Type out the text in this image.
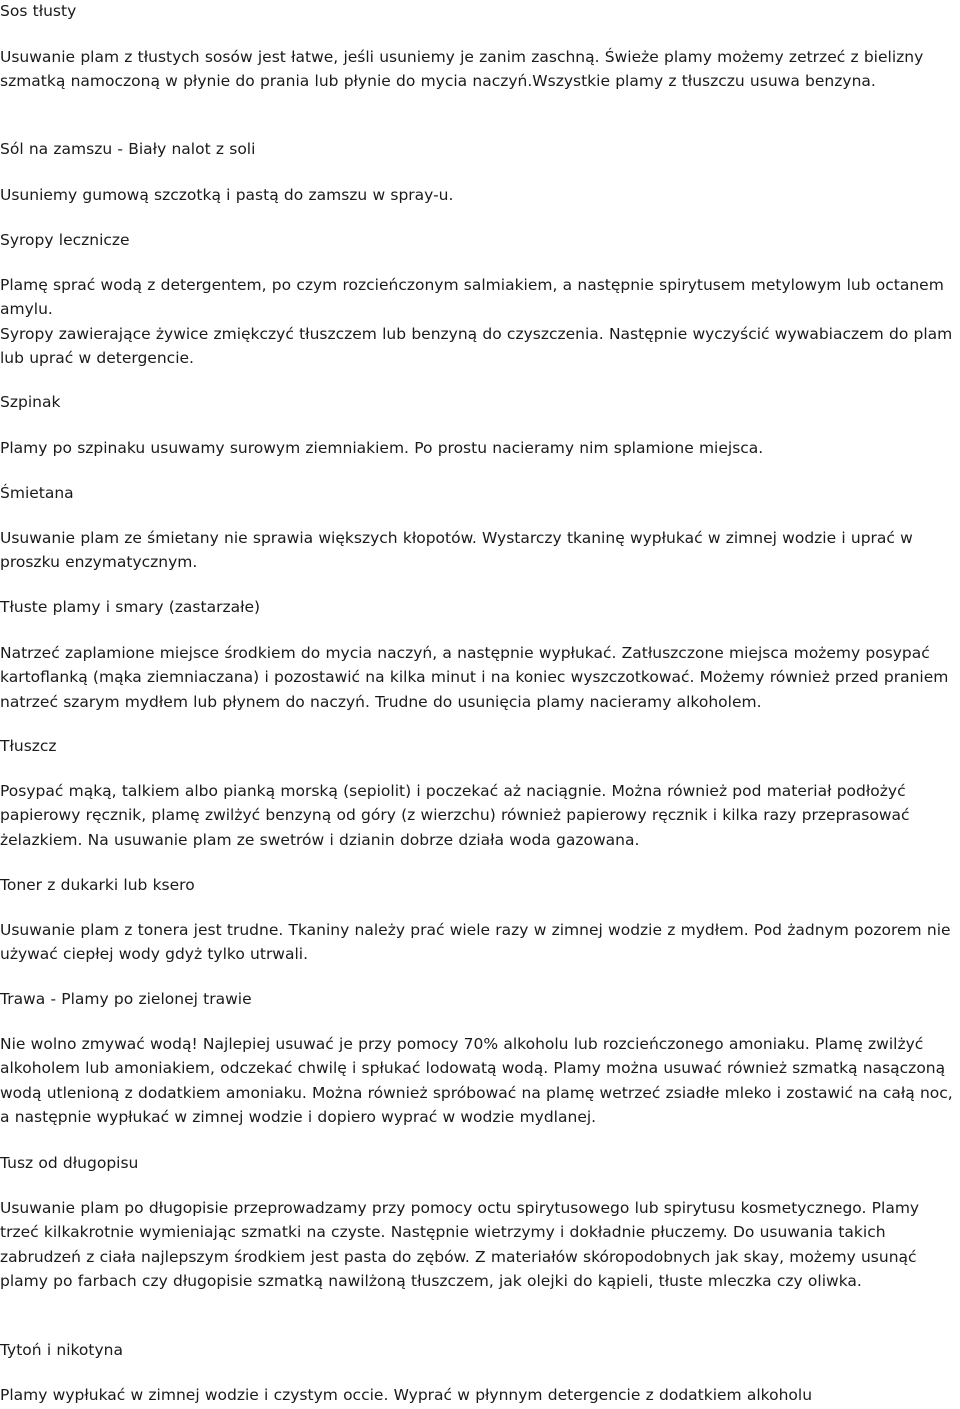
Sos tłusty

Usuwanie plam z tłustych sosów jest łatwe, jeśli usuniemy je zanim zaschną. Świeże plamy możemy zetrzeć z bielizny szmatką namoczoną w płynie do prania lub płynie do mycia naczyń.Wszystkie plamy z tłuszczu usuwa benzyna.

Sól na zamszu - Biały nalot z soli

Usuniemy gumową szczotką i pastą do zamszu w spray-u.

Syropy lecznicze

Plamę sprać wodą z detergentem, po czym rozcieńczonym salmiakiem, a następnie spirytusem metylowym lub octanem amylu.

Syropy zawierające żywice zmiękczyć tłuszczem lub benzyną do czyszczenia. Następnie wyczyścić wywabiaczem do plam lub uprać w detergencie.

Szpinak

Plamy po szpinaku usuwamy surowym ziemniakiem. Po prostu nacieramy nim splamione miejsca.

Śmietana

Usuwanie plam ze śmietany nie sprawia większych kłopotów. Wystarczy tkaninę wypłukać w zimnej wodzie i uprać w proszku enzymatycznym.

Tłuste plamy i smary (zastarzałe)

Natrzeć zaplamione miejsce środkiem do mycia naczyń, a następnie wypłukać. Zatłuszczone miejsca możemy posypać kartoflanką (mąka ziemniaczana) i pozostawić na kilka minut i na koniec wyszczotkować. Możemy również przed praniem natrzeć szarym mydłem lub płynem do naczyń. Trudne do usunięcia plamy nacieramy alkoholem.

Tłuszcz

Posypać mąką, talkiem albo pianką morską (sepiolit) i poczekać aż naciągnie. Można również pod materiał podłożyć papierowy ręcznik, plamę zwilżyć benzyną od góry (z wierzchu) również papierowy ręcznik i kilka razy przeprasować żelazkiem. Na usuwanie plam ze swetrów i dzianin dobrze działa woda gazowana.

Toner z dukarki lub ksero

Usuwanie plam z tonera jest trudne. Tkaniny należy prać wiele razy w zimnej wodzie z mydłem. Pod żadnym pozorem nie używać ciepłej wody gdyż tylko utrwali.

Trawa - Plamy po zielonej trawie

Nie wolno zmywać wodą! Najlepiej usuwać je przy pomocy 70% alkoholu lub rozcieńczonego amoniaku. Plamę zwilżyć alkoholem lub amoniakiem, odczekać chwilę i spłukać lodowatą wodą. Plamy można usuwać również szmatką nasączoną wodą utlenioną z dodatkiem amoniaku. Można również spróbować na plamę wetrzeć zsiadłe mleko i zostawić na całą noc, a następnie wypłukać w zimnej wodzie i dopiero wyprać w wodzie mydlanej.

Tusz od długopisu

Usuwanie plam po długopisie przeprowadzamy przy pomocy octu spirytusowego lub spirytusu kosmetycznego. Plamy trzeć kilkakrotnie wymieniając szmatki na czyste. Następnie wietrzymy i dokładnie płuczemy. Do usuwania takich zabrudzeń z ciała najlepszym środkiem jest pasta do zębów. Z materiałów skóropodobnych jak skay, możemy usunąć plamy po farbach czy długopisie szmatką nawilżoną tłuszczem, jak olejki do kąpieli, tłuste mleczka czy oliwka.

Tytoń i nikotyna

Plamy wypłukać w zimnej wodzie i czystym occie. Wyprać w płynnym detergencie z dodatkiem alkoholu
